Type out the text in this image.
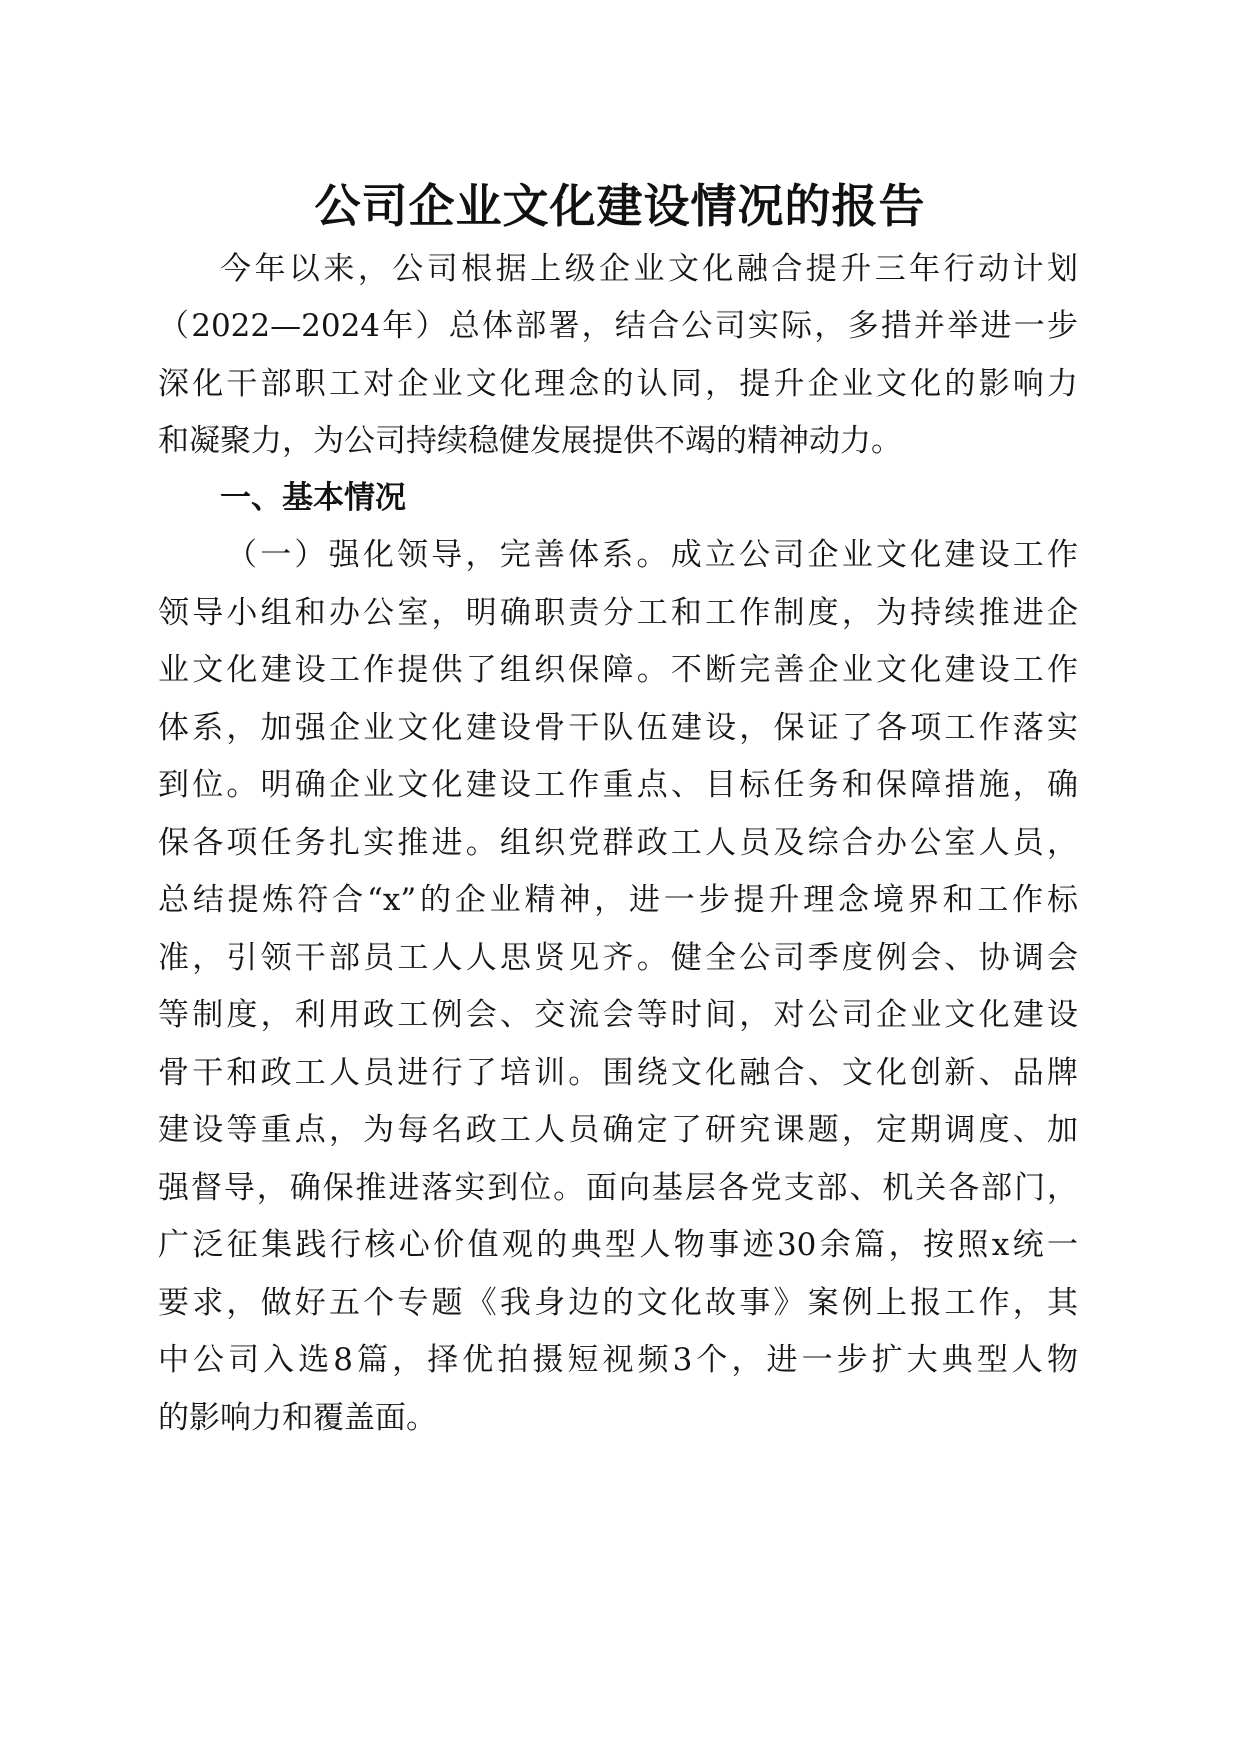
公司企业文化建设情况的报告

今年以来，公司根据上级企业文化融合提升三年行动计划

（2022—2024年）总体部署，结合公司实际，多措并举进一步

深化干部职工对企业文化理念的认同，提升企业文化的影响力

和凝聚力，为公司持续稳健发展提供不竭的精神动力。

一、基本情况

（一）强化领导，完善体系。成立公司企业文化建设工作

领导小组和办公室，明确职责分工和工作制度，为持续推进企

业文化建设工作提供了组织保障。不断完善企业文化建设工作

体系，加强企业文化建设骨干队伍建设，保证了各项工作落实

到位。明确企业文化建设工作重点、目标任务和保障措施，确

保各项任务扎实推进。组织党群政工人员及综合办公室人员，

总结提炼符合“x”的企业精神，进一步提升理念境界和工作标

准，引领干部员工人人思贤见齐。健全公司季度例会、协调会

等制度，利用政工例会、交流会等时间，对公司企业文化建设

骨干和政工人员进行了培训。围绕文化融合、文化创新、品牌

建设等重点，为每名政工人员确定了研究课题，定期调度、加

强督导，确保推进落实到位。面向基层各党支部、机关各部门，

广泛征集践行核心价值观的典型人物事迹30余篇，按照x统一

要求，做好五个专题《我身边的文化故事》案例上报工作，其

中公司入选8篇，择优拍摄短视频3个，进一步扩大典型人物

的影响力和覆盖面。
